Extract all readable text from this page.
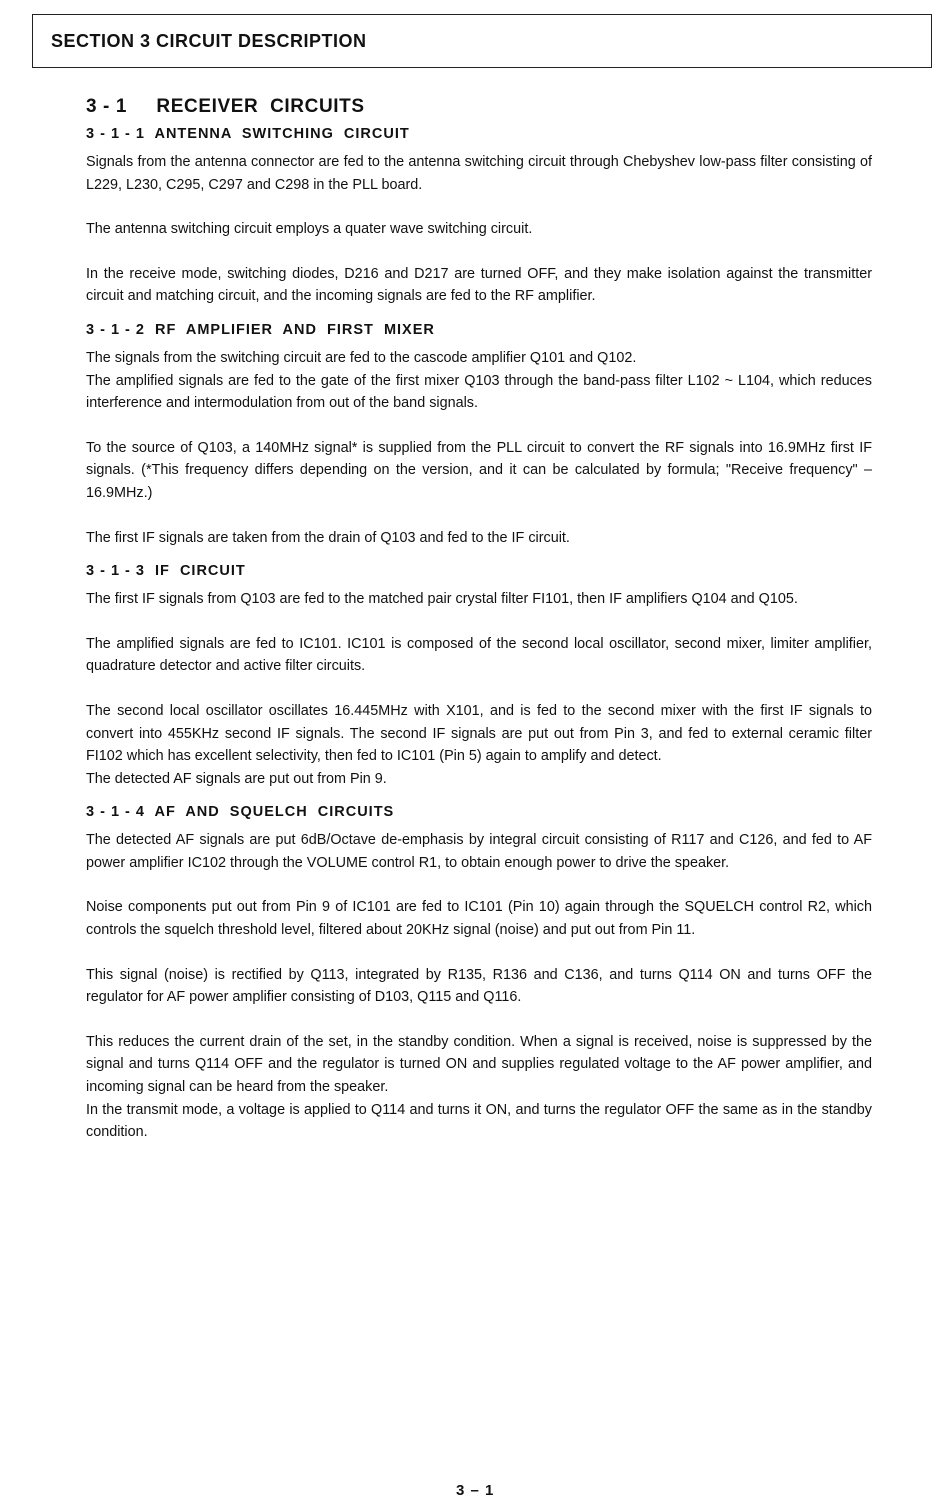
SECTION 3 CIRCUIT DESCRIPTION
3 - 1     RECEIVER  CIRCUITS
3 - 1 - 1  ANTENNA  SWITCHING  CIRCUIT

Signals from the antenna connector are fed to the antenna switching circuit through Chebyshev low-pass filter consisting of L229, L230, C295, C297 and C298 in the PLL board.

The antenna switching circuit employs a quater wave switching circuit.

In the receive mode, switching diodes, D216 and D217 are turned OFF, and they make isolation against the transmitter circuit and matching circuit, and the incoming signals are fed to the RF amplifier.

3 - 1 - 2  RF  AMPLIFIER  AND  FIRST  MIXER

The signals from the switching circuit are fed to the cascode amplifier Q101 and Q102.

The amplified signals are fed to the gate of the first mixer Q103 through the band-pass filter L102 ~ L104, which reduces interference and intermodulation from out of the band signals.

To the source of Q103, a 140MHz signal* is supplied from the PLL circuit to convert the RF signals into 16.9MHz first IF signals. (*This frequency differs depending on the version, and it can be calculated by formula; "Receive frequency" – 16.9MHz.)

The first IF signals are taken from the drain of Q103 and fed to the IF circuit.

3 - 1 - 3  IF  CIRCUIT

The first IF signals from Q103 are fed to the matched pair crystal filter FI101, then IF amplifiers Q104 and Q105.

The amplified signals are fed to IC101. IC101 is composed of the second local oscillator, second mixer, limiter amplifier, quadrature detector and active filter circuits.

The second local oscillator oscillates 16.445MHz with X101, and is fed to the second mixer with the first IF signals to convert into 455KHz second IF signals. The second IF signals are put out from Pin 3, and fed to external ceramic filter FI102 which has excellent selectivity, then fed to IC101 (Pin 5) again to amplify and detect.

The detected AF signals are put out from Pin 9.

3 - 1 - 4  AF  AND  SQUELCH  CIRCUITS

The detected AF signals are put 6dB/Octave de-emphasis by integral circuit consisting of R117 and C126, and fed to AF power amplifier IC102 through the VOLUME control R1, to obtain enough power to drive the speaker.

Noise components put out from Pin 9 of IC101 are fed to IC101 (Pin 10) again through the SQUELCH control R2, which controls the squelch threshold level, filtered about 20KHz signal (noise) and put out from Pin 11.

This signal (noise) is rectified by Q113, integrated by R135, R136 and C136, and turns Q114 ON and turns OFF the regulator for AF power amplifier consisting of D103, Q115 and Q116.

This reduces the current drain of the set, in the standby condition. When a signal is received, noise is suppressed by the signal and turns Q114 OFF and the regulator is turned ON and supplies regulated voltage to the AF power amplifier, and incoming signal can be heard from the speaker.

In the transmit mode, a voltage is applied to Q114 and turns it ON, and turns the regulator OFF the same as in the standby condition.

3 – 1
